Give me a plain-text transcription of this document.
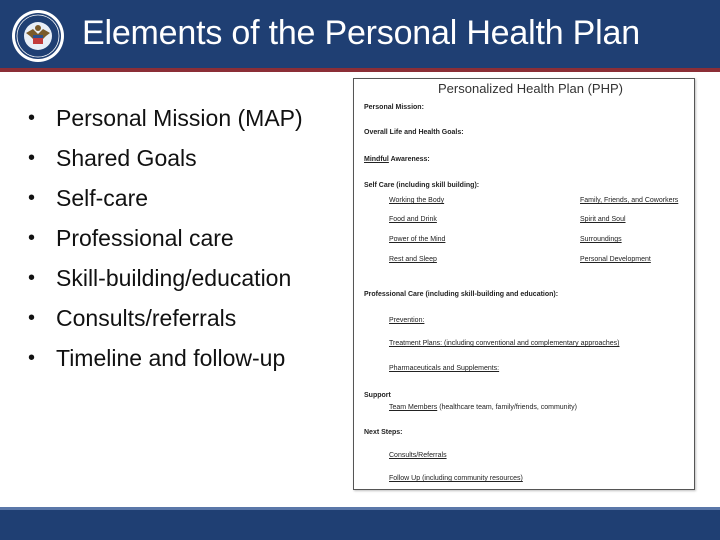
Elements of the Personal Health Plan
• Personal Mission (MAP)
• Shared Goals
• Self-care
• Professional care
• Skill-building/education
• Consults/referrals
• Timeline and follow-up
Personalized Health Plan (PHP)
Personal Mission:
Overall Life and Health Goals:
Mindful Awareness:
Self Care (including skill building):
Working the Body
Food and Drink
Power of the Mind
Rest and Sleep
Family, Friends, and Coworkers
Spirit and Soul
Surroundings
Personal Development
Professional Care (including skill-building and education):
Prevention:
Treatment Plans: (including conventional and complementary approaches)
Pharmaceuticals and Supplements:
Support
Team Members (healthcare team, family/friends, community)
Next Steps:
Consults/Referrals
Follow Up (including community resources)
